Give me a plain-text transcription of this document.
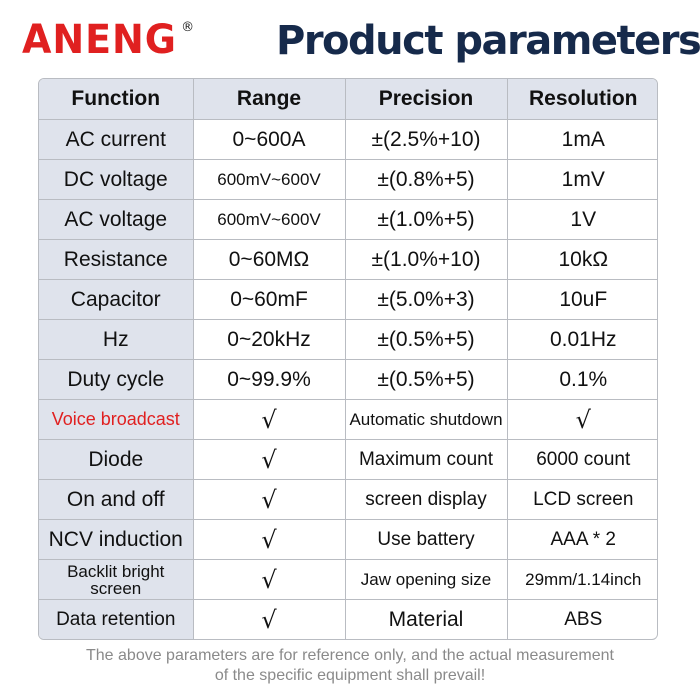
ANENG ® Product parameters
Function	Range	Precision	Resolution
AC current	0~600A	±(2.5%+10)	1mA
DC voltage	600mV~600V	±(0.8%+5)	1mV
AC voltage	600mV~600V	±(1.0%+5)	1V
Resistance	0~60MΩ	±(1.0%+10)	10kΩ
Capacitor	0~60mF	±(5.0%+3)	10uF
Hz	0~20kHz	±(0.5%+5)	0.01Hz
Duty cycle	0~99.9%	±(0.5%+5)	0.1%
Voice broadcast	√	Automatic shutdown	√
Diode	√	Maximum count	6000 count
On and off	√	screen display	LCD screen
NCV induction	√	Use battery	AAA * 2
Backlit bright screen	√	Jaw opening size	29mm/1.14inch
Data retention	√	Material	ABS
The above parameters are for reference only, and the actual measurement
of the specific equipment shall prevail!
